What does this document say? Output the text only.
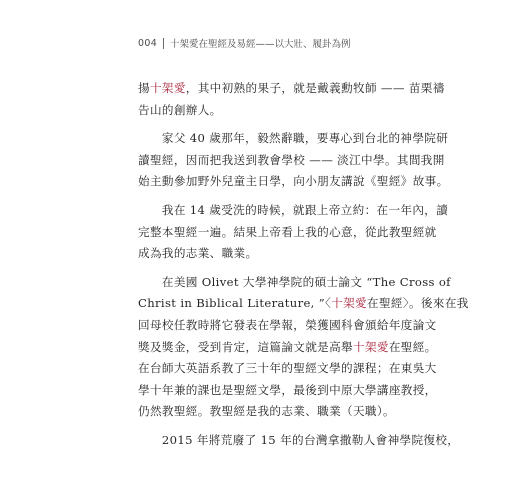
004 十架愛在聖經及易經——以大壯、履卦為例
揚十架愛，其中初熟的果子，就是戴義勳牧師 —— 苗栗禱
告山的創辦人。
　　家父 40 歲那年，毅然辭職，要專心到台北的神學院研
讀聖經，因而把我送到教會學校 —— 淡江中學。其間我開
始主動參加野外兒童主日學，向小朋友講說《聖經》故事。
　　我在 14 歲受洗的時候，就跟上帝立約：在一年內，讀
完整本聖經一遍。結果上帝看上我的心意，從此教聖經就
成為我的志業、職業。
　　在美國 Olivet 大學神學院的碩士論文 “The Cross of
Christ in Biblical Literature, ”〈十架愛在聖經〉。後來在我
回母校任教時將它發表在學報，榮獲國科會頒給年度論文
獎及獎金，受到肯定，這篇論文就是高舉十架愛在聖經。
在台師大英語系教了三十年的聖經文學的課程；在東吳大
學十年兼的課也是聖經文學，最後到中原大學講座教授，
仍然教聖經。教聖經是我的志業、職業（天職）。
　　2015 年將荒廢了 15 年的台灣拿撒勒人會神學院復校，
